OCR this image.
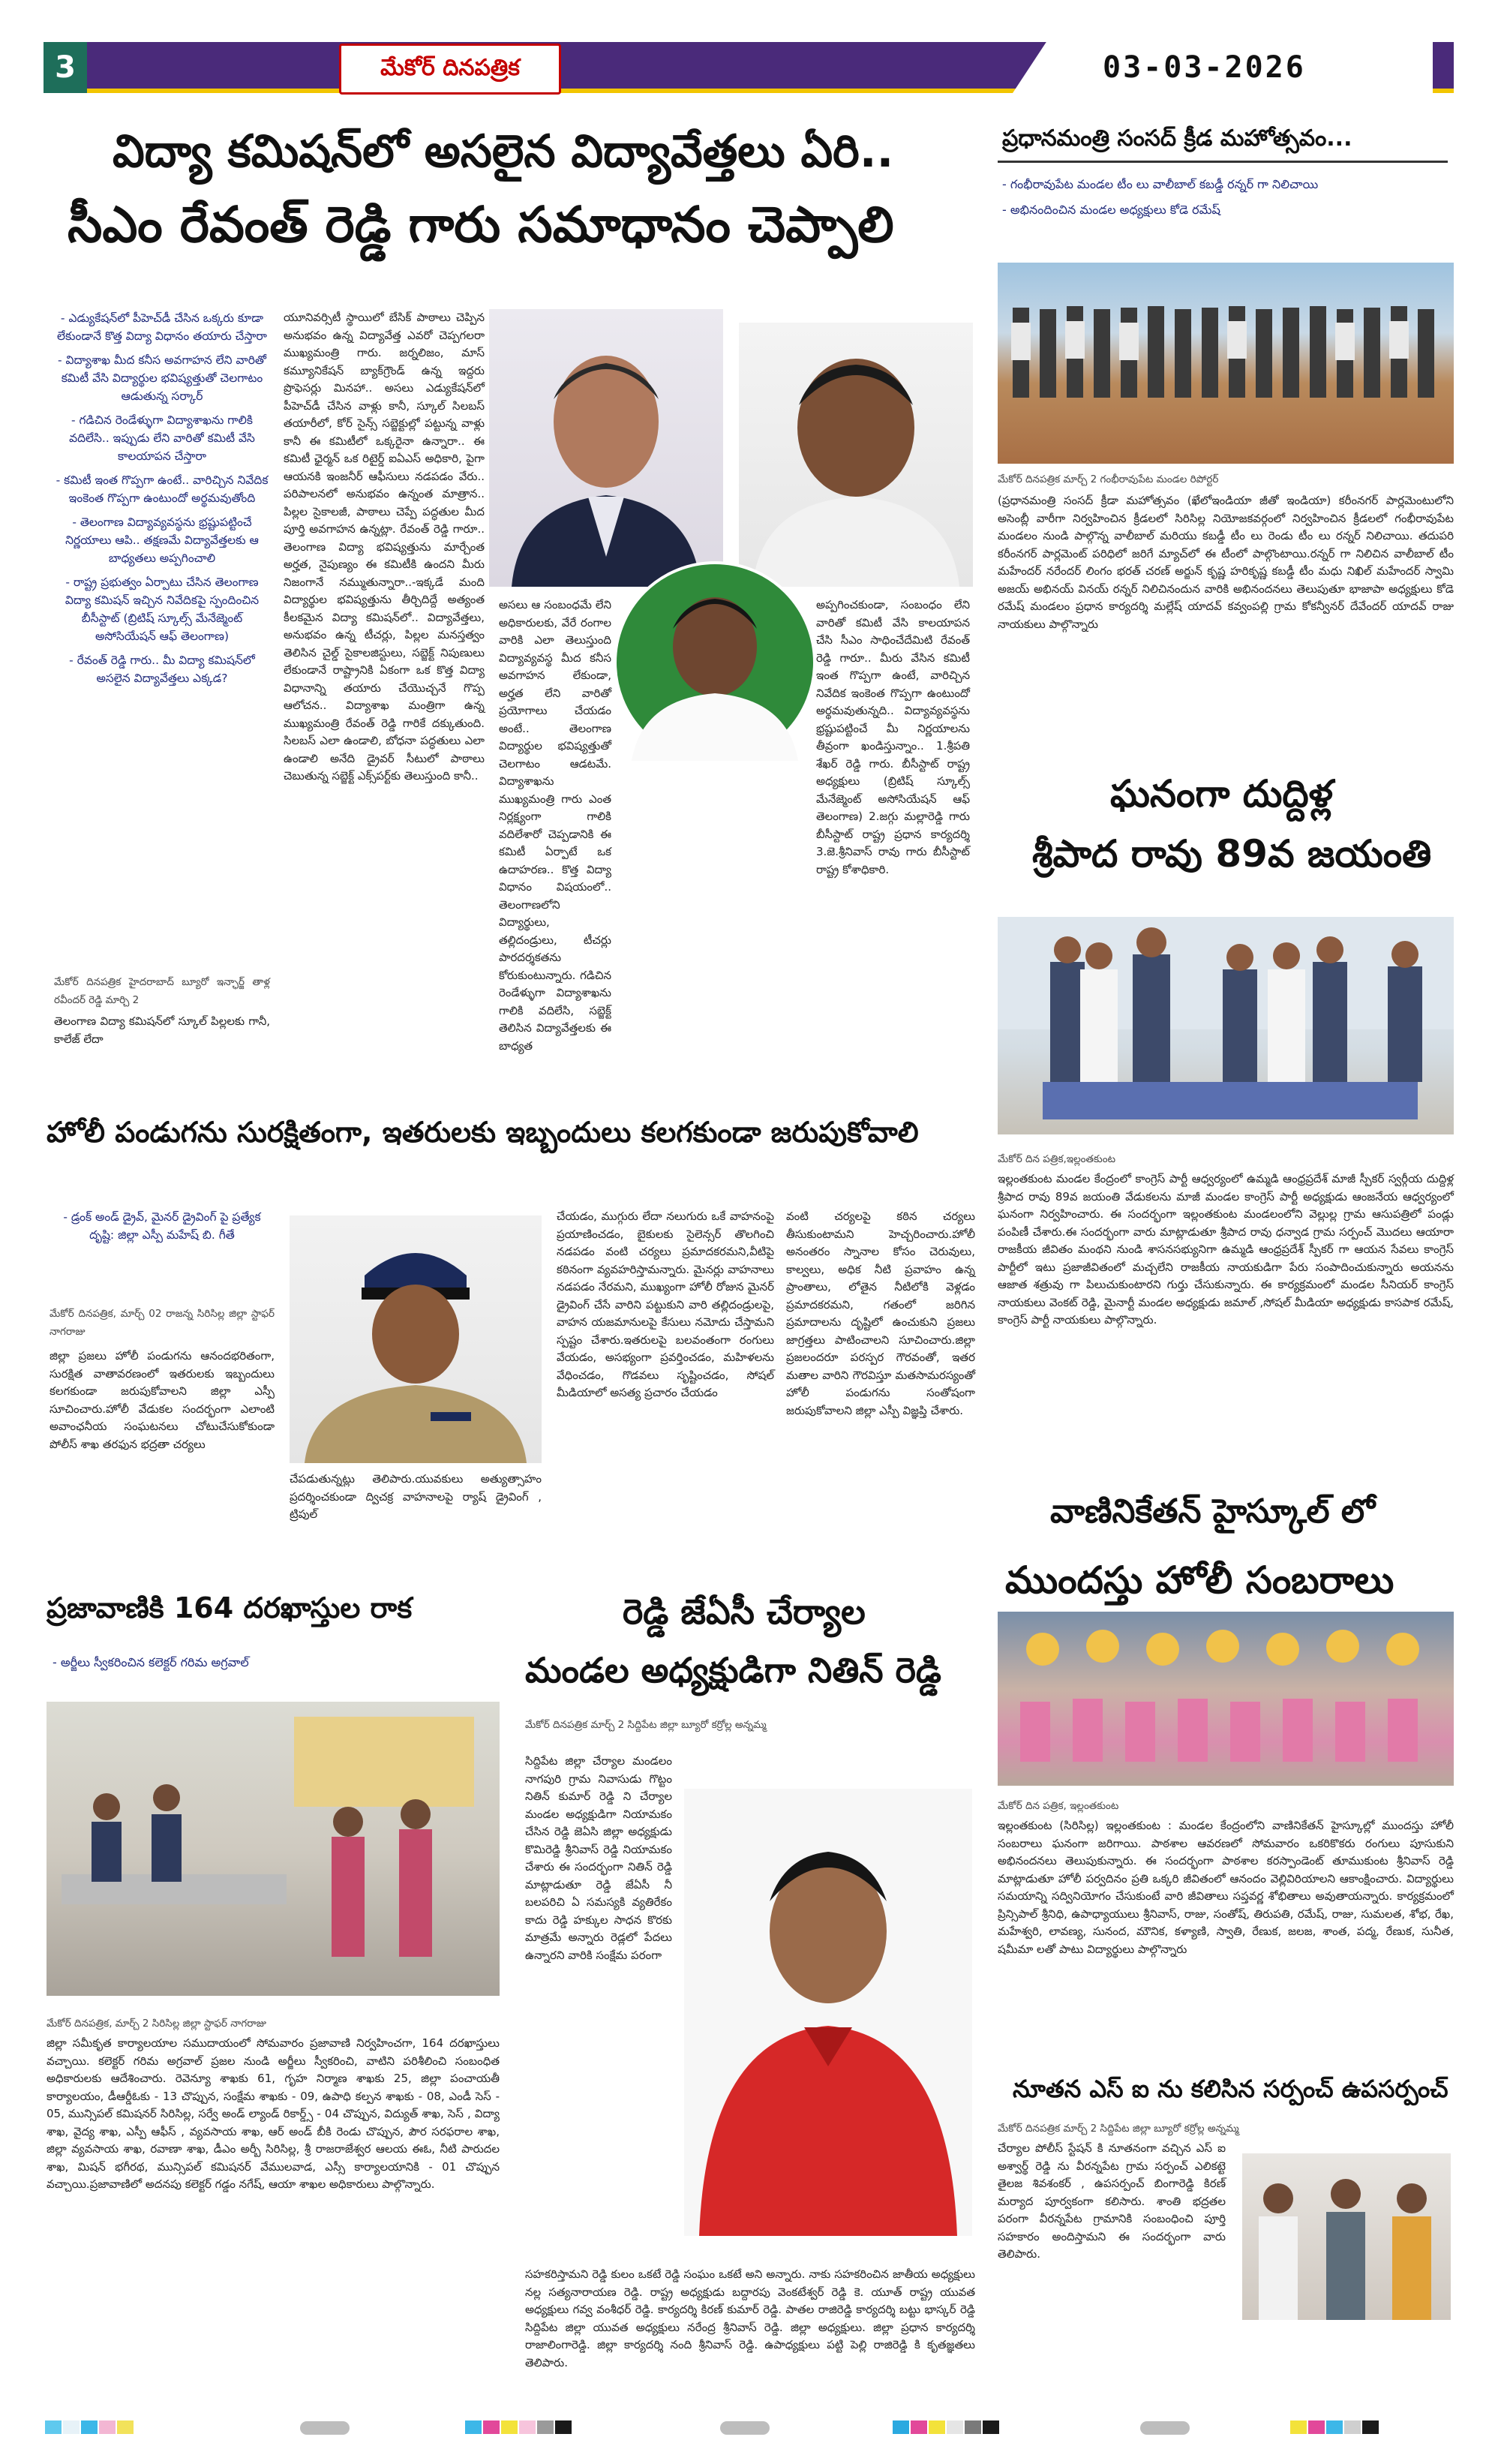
3	మేకోర్ దినపత్రిక	03-03-2026
విద్యా కమిషన్‌లో అసలైన విద్యావేత్తలు ఏరి..
సీఎం రేవంత్ రెడ్డి గారు సమాధానం చెప్పాలి
- ఎడ్యుకేషన్‌లో పీహెచ్‌డీ చేసిన ఒక్కరు కూడా లేకుండానే కొత్త విద్యా విధానం తయారు చేస్తారా
- విద్యాశాఖ మీద కనీస అవగాహన లేని వారితో కమిటీ వేసి విద్యార్థుల భవిష్యత్తుతో చెలగాటం ఆడుతున్న సర్కార్
- గడిచిన రెండేళ్ళుగా విద్యాశాఖను గాలికి వదిలేసి.. ఇప్పుడు లేని వారితో కమిటీ వేసి కాలయాపన చేస్తారా
- కమిటీ ఇంత గొప్పగా ఉంటే.. వారిచ్చిన నివేదిక ఇంకెంత గొప్పగా ఉంటుందో అర్థమవుతోంది
- తెలంగాణ విద్యావ్యవస్థను భ్రష్టుపట్టించే నిర్ణయాలు ఆపి.. తక్షణమే విద్యావేత్తలకు ఆ బాధ్యతలు అప్పగించాలి
- రాష్ట్ర ప్రభుత్వం ఏర్పాటు చేసిన తెలంగాణ విద్యా కమిషన్ ఇచ్చిన నివేదికపై స్పందించిన బీసీస్టాట్ (బ్రిటిష్ స్కూల్స్ మేనేజ్మెంట్ అసోసియేషన్ ఆఫ్ తెలంగాణ)
- రేవంత్ రెడ్డి గారు.. మీ విద్యా కమిషన్‌లో అసలైన విద్యావేత్తలు ఎక్కడ?
మేకోర్ దినపత్రిక హైదరాబాద్ బ్యూరో ఇన్ఛార్జ్ తాళ్ల రవీందర్ రెడ్డి మార్చి 2
తెలంగాణ విద్యా కమిషన్‌లో స్కూల్ పిల్లలకు గానీ, కాలేజ్ లేదా
యూనివర్సిటీ స్థాయిలో బేసిక్ పాఠాలు చెప్పిన అనుభవం ఉన్న విద్యావేత్త ఎవరో చెప్పగలరా ముఖ్యమంత్రి గారు. జర్నలిజం, మాస్ కమ్యూనికేషన్ బ్యాక్‌గ్రౌండ్ ఉన్న ఇద్దరు ప్రొఫెసర్లు మినహా.. అసలు ఎడ్యుకేషన్‌లో పీహెచ్‌డీ చేసిన వాళ్లు కానీ, స్కూల్ సిలబస్ తయారీలో, కోర్ సైన్స్ సబ్జెక్టుల్లో పట్టున్న వాళ్లు కానీ ఈ కమిటీలో ఒక్కరైనా ఉన్నారా.. ఈ కమిటీ ఛైర్మన్ ఒక రిటైర్డ్ ఐఏఎస్ అధికారి, పైగా ఆయనకి ఇంజనీర్ ఆఫీసులు నడపడం వేరు.. పరిపాలనలో అనుభవం ఉన్నంత మాత్రాన.. పిల్లల సైకాలజీ, పాఠాలు చెప్పే పద్ధతుల మీద పూర్తి అవగాహన ఉన్నట్లా. రేవంత్ రెడ్డి గారూ.. తెలంగాణ విద్యా భవిష్యత్తును మార్చేంత అర్హత, నైపుణ్యం ఈ కమిటీకి ఉందని మీరు నిజంగానే నమ్ముతున్నారా..-ఇక్కడే మంది విద్యార్థుల భవిష్యత్తును తీర్చిదిద్దే అత్యంత కీలకమైన విద్యా కమిషన్‌లో.. విద్యావేత్తలు, అనుభవం ఉన్న టీచర్లు, పిల్లల మనస్తత్వం తెలిసిన చైల్డ్ సైకాలజిస్టులు, సబ్జెక్ట్ నిపుణులు లేకుండానే రాష్ట్రానికి ఏకంగా ఒక కొత్త విద్యా విధానాన్ని తయారు చేయొచ్చనే గొప్ప ఆలోచన.. విద్యాశాఖ మంత్రిగా ఉన్న ముఖ్యమంత్రి రేవంత్ రెడ్డి గారికే దక్కుతుంది. సిలబస్ ఎలా ఉండాలి, బోధనా పద్ధతులు ఎలా ఉండాలి అనేది డ్రైవర్ సీటులో పాఠాలు చెబుతున్న సబ్జెక్ట్ ఎక్స్‌పర్ట్‌కు తెలుస్తుంది కానీ..
అసలు ఆ సంబంధమే లేని అధికారులకు, వేరే రంగాల వారికి ఎలా తెలుస్తుంది విద్యావ్యవస్థ మీద కనీస అవగాహన లేకుండా, అర్హత లేని వారితో ప్రయోగాలు చేయడం అంటే.. తెలంగాణ విద్యార్థుల భవిష్యత్తుతో చెలగాటం ఆడటమే. విద్యాశాఖను ముఖ్యమంత్రి గారు ఎంత నిర్లక్ష్యంగా గాలికి వదిలేశారో చెప్పడానికి ఈ కమిటీ ఏర్పాటే ఒక ఉదాహరణ.. కొత్త విద్యా విధానం విషయంలో.. తెలంగాణలోని విద్యార్థులు, తల్లిదండ్రులు, టీచర్లు పారదర్శకతను కోరుకుంటున్నారు. గడిచిన రెండేళ్ళుగా విద్యాశాఖను గాలికి వదిలేసి, సబ్జెక్ట్ తెలిసిన విద్యావేత్తలకు ఈ బాధ్యత
అప్పగించకుండా, సంబంధం లేని వారితో కమిటీ వేసి కాలయాపన చేసి సీఎం సాధించేదేమిటి రేవంత్ రెడ్డి గారూ.. మీరు వేసిన కమిటీ ఇంత గొప్పగా ఉంటే, వారిచ్చిన నివేదిక ఇంకెంత గొప్పగా ఉంటుందో అర్థమవుతున్నది.. విద్యావ్యవస్థను భ్రష్టుపట్టించే మీ నిర్ణయాలను తీవ్రంగా ఖండిస్తున్నాం.. 1.శ్రీపతి శేఖర్ రెడ్డి గారు. బీసీస్టాట్ రాష్ట్ర అధ్యక్షులు (బ్రిటిష్ స్కూల్స్ మేనేజ్మెంట్ అసోసియేషన్ ఆఫ్ తెలంగాణ) 2.జగ్గు మల్లారెడ్డి గారు బీసీస్టాట్ రాష్ట్ర ప్రధాన కార్యదర్శి 3.జె.శ్రీనివాస్ రావు గారు బీసీస్టాట్ రాష్ట్ర కోశాధికారి.
ప్రధానమంత్రి సంసద్ క్రీడ మహోత్సవం...
- గంభీరావుపేట మండల టీం లు వాలీబాల్ కబడ్డీ రన్నర్ గా నిలిచాయి
- అభినందించిన మండల అధ్యక్షులు కోడె రమేష్
మేకోర్ దినపత్రిక మార్చ్ 2 గంభీరావుపేట మండల రిపోర్టర్
(ప్రధానమంత్రి సంసద్ క్రీడా మహోత్సవం (ఖేలోఇండియా జీతో ఇండియా) కరీంనగర్ పార్లమెంటులోని అసెంబ్లీ వారీగా నిర్వహించిన క్రీడలలో సిరిసిల్ల నియోజకవర్గంలో నిర్వహించిన క్రీడలలో గంభీరావుపేట మండలం నుండి పాల్గొన్న వాలీబాల్ మరియు కబడ్డీ టీం లు రెండు టీం లు రన్నర్ నిలిచాయి. తదుపరి కరీంనగర్ పార్లమెంట్ పరిధిలో జరిగే మ్యాచ్‌లో ఈ టీంలో పాల్గొంటాయి.రన్నర్ గా నిలిచిన వాలీబాల్ టీం మహేందర్ నరేందర్ లింగం భరత్ చరణ్ అర్జున్ కృష్ణ హరికృష్ణ కబడ్డీ టీం మధు నిఖిల్ మహేందర్ స్వామి అజయ్ అభినయ్ వినయ్ రన్నర్ నిలిచినందున వారికి అభినందనలు తెలుపుతూ భాజాపా అధ్యక్షులు కోడె రమేష్ మండలం ప్రధాన కార్యదర్శి మల్లేష్ యాదవ్ కవ్వంపల్లి గ్రామ కోకన్వీనర్ దేవేందర్ యాదవ్ రాజు నాయకులు పాల్గొన్నారు
ఘనంగా దుద్దిళ్ల
శ్రీపాద రావు 89వ జయంతి
మేకోర్ దిన పత్రిక,ఇల్లంతకుంట
ఇల్లంతకుంట మండల కేంద్రంలో కాంగ్రెస్ పార్టీ ఆధ్వర్యంలో ఉమ్మడి ఆంధ్రప్రదేశ్ మాజీ స్పీకర్ స్వర్గీయ దుద్దిళ్ల శ్రీపాద రావు 89వ జయంతి వేడుకలను మాజీ మండల కాంగ్రెస్ పార్టీ అధ్యక్షుడు ఆంజనేయ ఆధ్వర్యంలో ఘనంగా నిర్వహించారు. ఈ సందర్భంగా ఇల్లంతకుంట మండలంలోని వెల్లుల్ల గ్రామ ఆసుపత్రిలో పండ్లు పంపిణీ చేశారు.ఈ సందర్భంగా వారు మాట్లాడుతూ శ్రీపాద రావు ధన్వాడ గ్రామ సర్పంచ్ మొదలు ఆయారా రాజకీయ జీవితం మంథని నుండి శాసనసభ్యునిగా ఉమ్మడి ఆంధ్రప్రదేశ్ స్పీకర్ గా ఆయన సేవలు కాంగ్రెస్ పార్టీలో ఇటు ప్రజాజీవితంలో మచ్చలేని రాజకీయ నాయకుడిగా పేరు సంపాదించుకున్నారు అయనను ఆజాత శత్రువు గా పిలుచుకుంటారని గుర్తు చేసుకున్నారు. ఈ కార్యక్రమంలో మండల సీనియర్ కాంగ్రెస్ నాయకులు వెంకట్ రెడ్డి, మైనార్టీ మండల అధ్యక్షుడు జమాల్ ,సోషల్ మీడియా అధ్యక్షుడు కాసపాక రమేష్, కాంగ్రెస్ పార్టీ నాయకులు పాల్గొన్నారు.
హోలీ పండుగను సురక్షితంగా, ఇతరులకు ఇబ్బందులు కలగకుండా జరుపుకోవాలి
- డ్రంక్ అండ్ డ్రైవ్, మైనర్ డ్రైవింగ్ పై ప్రత్యేక దృష్టి: జిల్లా ఎస్పీ మహేష్ బి. గీతే
మేకోర్ దినపత్రిక, మార్చ్ 02 రాజన్న సిరిసిల్ల జిల్లా స్టాఫర్ నాగరాజు
జిల్లా ప్రజలు హోలీ పండుగను ఆనందభరితంగా, సురక్షిత వాతావరణంలో ఇతరులకు ఇబ్బందులు కలగకుండా జరుపుకోవాలని జిల్లా ఎస్పీ సూచించారు.హోలీ వేడుకల సందర్భంగా ఎలాంటి అవాంఛనీయ సంఘటనలు చోటుచేసుకోకుండా పోలీస్ శాఖ తరఫున భద్రతా చర్యలు
చేపడుతున్నట్లు తెలిపారు.యువకులు అత్యుత్సాహం ప్రదర్శించకుండా ద్విచక్ర వాహనాలపై ర్యాష్ డ్రైవింగ్ , ట్రిపుల్
చేయడం, ముగ్గురు లేదా నలుగురు ఒకే వాహనంపై ప్రయాణించడం, బైకులకు సైలెన్సర్ తొలగించి నడపడం వంటి చర్యలు ప్రమాదకరమని,వీటిపై కఠినంగా వ్యవహరిస్తామన్నారు. మైనర్లు వాహనాలు నడపడం నేరమని, ముఖ్యంగా హోలీ రోజున మైనర్ డ్రైవింగ్ చేసే వారిని పట్టుకుని వారి తల్లిదండ్రులపై, వాహన యజమానులపై కేసులు నమోదు చేస్తామని స్పష్టం చేశారు.ఇతరులపై బలవంతంగా రంగులు వేయడం, అసభ్యంగా ప్రవర్తించడం, మహిళలను వేధించడం, గొడవలు సృష్టించడం, సోషల్ మీడియాలో అసత్య ప్రచారం చేయడం
వంటి చర్యలపై కఠిన చర్యలు తీసుకుంటామని హెచ్చరించారు.హోలీ అనంతరం స్నానాల కోసం చెరువులు, కాల్వలు, అధిక నీటి ప్రవాహం ఉన్న ప్రాంతాలు, లోతైన నీటిలోకి వెళ్లడం ప్రమాదకరమని, గతంలో జరిగిన ప్రమాదాలను దృష్టిలో ఉంచుకుని ప్రజలు జాగ్రత్తలు పాటించాలని సూచించారు.జిల్లా ప్రజలందరూ పరస్పర గౌరవంతో, ఇతర మతాల వారిని గౌరవిస్తూ మతసామరస్యంతో హోలీ పండుగను సంతోషంగా జరుపుకోవాలని జిల్లా ఎస్పీ విజ్ఞప్తి చేశారు.
వాణినికేతన్ హైస్కూల్ లో
ముందస్తు హోలీ సంబరాలు
మేకోర్ దిన పత్రిక, ఇల్లంతకుంట
ఇల్లంతకుంట (సిరిసిల్ల) ఇల్లంతకుంట : మండల కేంద్రంలోని వాణినికేతన్ హైస్కూల్లో ముందస్తు హోలీ సంబరాలు ఘనంగా జరిగాయి. పాఠశాల ఆవరణలో సోమవారం ఒకరికొకరు రంగులు పూసుకుని అభినందనలు తెలుపుకున్నారు. ఈ సందర్భంగా పాఠశాల కరస్పాండెంట్ తూముకుంట శ్రీనివాస్ రెడ్డి మాట్లాడుతూ హోలీ పర్వదినం ప్రతి ఒక్కరి జీవితంలో ఆనందం వెల్లివిరియాలని ఆకాంక్షించారు. విద్యార్థులు సమయాన్ని సద్వినియోగం చేసుకుంటే వారి జీవితాలు సప్తవర్ణ శోభితాలు అవుతాయన్నారు. కార్యక్రమంలో ప్రిన్సిపాల్ శ్రీనిధి, ఉపాధ్యాయులు శ్రీనివాస్, రాజు, సంతోష్, తిరుపతి, రమేష్, రాజు, సుమలత, శోభ, రేఖ, మహేశ్వరి, లావణ్య, సునంద, మౌనిక, కళ్యాణి, స్వాతి, రేణుక, జలజ, శాంత, పద్మ, రేణుక, సునీత, షమీమా లతో పాటు విద్యార్థులు పాల్గొన్నారు
ప్రజావాణికి 164 దరఖాస్తుల రాక
- అర్జీలు స్వీకరించిన కలెక్టర్ గరిమ అగ్రవాల్
మేకోర్ దినపత్రిక, మార్చ్ 2 సిరిసిల్ల జిల్లా స్టాఫర్ నాగరాజు
జిల్లా సమీకృత కార్యాలయాల సముదాయంలో సోమవారం ప్రజావాణి నిర్వహించగా, 164 దరఖాస్తులు వచ్చాయి. కలెక్టర్ గరిమ అగ్రవాల్ ప్రజల నుండి అర్జీలు స్వీకరించి, వాటిని పరిశీలించి సంబంధిత అధికారులకు ఆదేశించారు. రెవెన్యూ శాఖకు 61, గృహ నిర్మాణ శాఖకు 25, జిల్లా పంచాయతీ కార్యాలయం, డీఆర్డీఓకు - 13 చొప్పున, సంక్షేమ శాఖకు - 09, ఉపాధి కల్పన శాఖకు - 08, ఎండీ సెస్ - 05, మున్సిపల్ కమిషనర్ సిరిసిల్ల, సర్వే అండ్ ల్యాండ్ రికార్డ్స్ - 04 చొప్పున, విద్యుత్ శాఖ, సెస్ , విద్యా శాఖ, వైద్య శాఖ, ఎస్పీ ఆఫీస్ , వ్యవసాయ శాఖ, ఆర్ అండ్ బీకి రెండు చొప్పున, పౌర సరఫరాల శాఖ, జిల్లా వ్యవసాయ శాఖ, రవాణా శాఖ, డీఎం అర్బీ సిరిసిల్ల, శ్రీ రాజరాజేశ్వర ఆలయ ఈఓ, నీటి పారుదల శాఖ, మిషన్ భగీరథ, మున్సిపల్ కమిషనర్ వేములవాడ, ఎస్సీ కార్యాలయానికి - 01 చొప్పున వచ్చాయి.ప్రజావాణిలో అదనపు కలెక్టర్ గడ్డం నగేష్, ఆయా శాఖల అధికారులు పాల్గొన్నారు.
రెడ్డి జేఏసీ చేర్యాల
మండల అధ్యక్షుడిగా నితిన్ రెడ్డి
మేకోర్ దినపత్రిక మార్చ్ 2 సిద్దిపేట జిల్లా బ్యూరో కర్రోల్ల అన్నమ్మ
సిద్దిపేట జిల్లా చేర్యాల మండలం నాగపురి గ్రామ నివాసుడు గొట్టం నితిన్ కుమార్ రెడ్డి ని చేర్యాల మండల అధ్యక్షుడిగా నియామకం చేసిన రెడ్డి జెఏసి జిల్లా అధ్యక్షుడు కొమిరెడ్డి శ్రీనివాస్ రెడ్డి నియామకం చేశారు ఈ సందర్భంగా నితిన్ రెడ్డి మాట్లాడుతూ రెడ్డి జేఏసీ నీ బలపరిచి ఏ సమస్యకి వ్యతిరేకం కాదు రెడ్డి హక్కుల సాధన కొరకు మాత్రమే అన్నారు రెడ్లలో పేదలు ఉన్నారని వారికి సంక్షేమ పరంగా
సహకరిస్తామని రెడ్డి కులం ఒకటే రెడ్డి సంఘం ఒకటే అని అన్నారు. నాకు సహకరించిన జాతీయ అధ్యక్షులు నల్ల సత్యనారాయణ రెడ్డి. రాష్ట్ర అధ్యక్షుడు బద్దారపు వెంకటేశ్వర్ రెడ్డి కె. యూత్ రాష్ట్ర యువత అధ్యక్షులు గవ్వ వంశీధర్ రెడ్డి. కార్యదర్శి కిరణ్ కుమార్ రెడ్డి. పాతల రాజిరెడ్డి కార్యదర్శి బట్టు భాస్కర్ రెడ్డి సిద్దిపేట జిల్లా యువత అధ్యక్షులు నరేంద్ర శ్రీనివాస్ రెడ్డి. జిల్లా అధ్యక్షులు. జిల్లా ప్రధాన కార్యదర్శి రాజాలింగారెడ్డి. జిల్లా కార్యదర్శి నంది శ్రీనివాస్ రెడ్డి. ఉపాధ్యక్షులు పట్టి పెల్లి రాజిరెడ్డి కి కృతజ్ఞతలు తెలిపారు.
నూతన ఎస్ ఐ ను కలిసిన సర్పంచ్ ఉపసర్పంచ్
మేకోర్ దినపత్రిక మార్చ్ 2 సిద్దిపేట జిల్లా బ్యూరో కర్రోల్ల అన్నమ్మ
చేర్యాల పోలీస్ స్టేషన్ కి నూతనంగా వచ్చిన ఎస్ ఐ అశ్వార్థ్ రెడ్డి ను వీరన్నపేట గ్రామ సర్పంచ్ ఎలికట్టె తైలజ శివశంకర్ , ఉపసర్పంచ్ బింగారెడ్డి కిరణ్ మర్యాద పూర్వకంగా కలిసారు. శాంతి భద్రతల పరంగా వీరన్నపేట గ్రామానికి సంబంధించి పూర్తి సహకారం అందిస్తామని ఈ సందర్భంగా వారు తెలిపారు.
